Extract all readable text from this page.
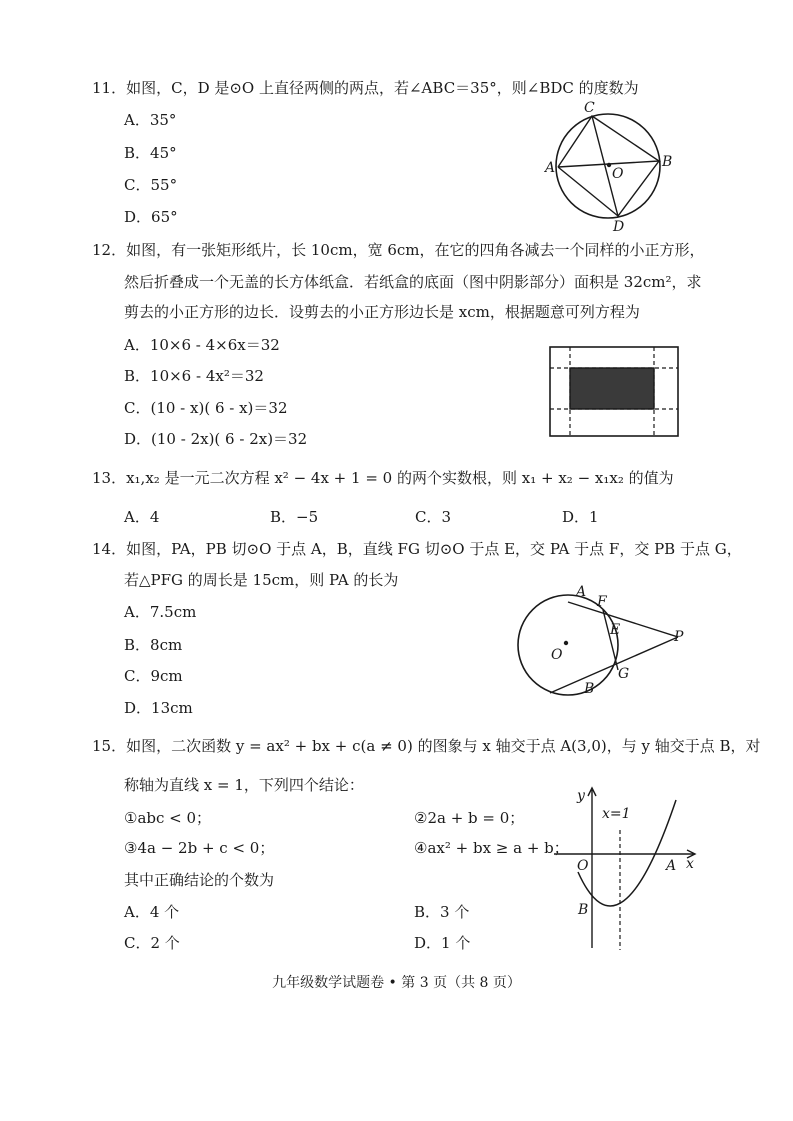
11．如图，C，D 是⊙O 上直径两侧的两点，若∠ABC＝35°，则∠BDC 的度数为
A．35°
B．45°
C．55°
D．65°
C
A	B
O
D
12．如图，有一张矩形纸片，长 10cm，宽 6cm，在它的四角各减去一个同样的小正方形，
然后折叠成一个无盖的长方体纸盒．若纸盒的底面（图中阴影部分）面积是 32cm²，求
剪去的小正方形的边长．设剪去的小正方形边长是 xcm，根据题意可列方程为
A．10×6 - 4×6x＝32
B．10×6 - 4x²＝32
C．(10 - x)( 6 - x)＝32
D．(10 - 2x)( 6 - 2x)＝32
13．x₁,x₂ 是一元二次方程 x² − 4x + 1 = 0 的两个实数根，则 x₁ + x₂ − x₁x₂ 的值为
A．4	B．−5	C．3	D．1
14．如图，PA，PB 切⊙O 于点 A，B，直线 FG 切⊙O 于点 E，交 PA 于点 F，交 PB 于点 G，
若△PFG 的周长是 15cm，则 PA 的长为
A．7.5cm
B．8cm
C．9cm
D．13cm
A
F
E	P
O
G
B
15．如图，二次函数 y = ax² + bx + c(a ≠ 0) 的图象与 x 轴交于点 A(3,0)，与 y 轴交于点 B，对
称轴为直线 x = 1，下列四个结论：
①abc < 0；	②2a + b = 0；
③4a − 2b + c < 0；	④ax² + bx ≥ a + b；
其中正确结论的个数为
A．4 个	B．3 个
C．2 个	D．1 个
y
x=1
O	A x
B
九年级数学试题卷 • 第 3 页（共 8 页）
